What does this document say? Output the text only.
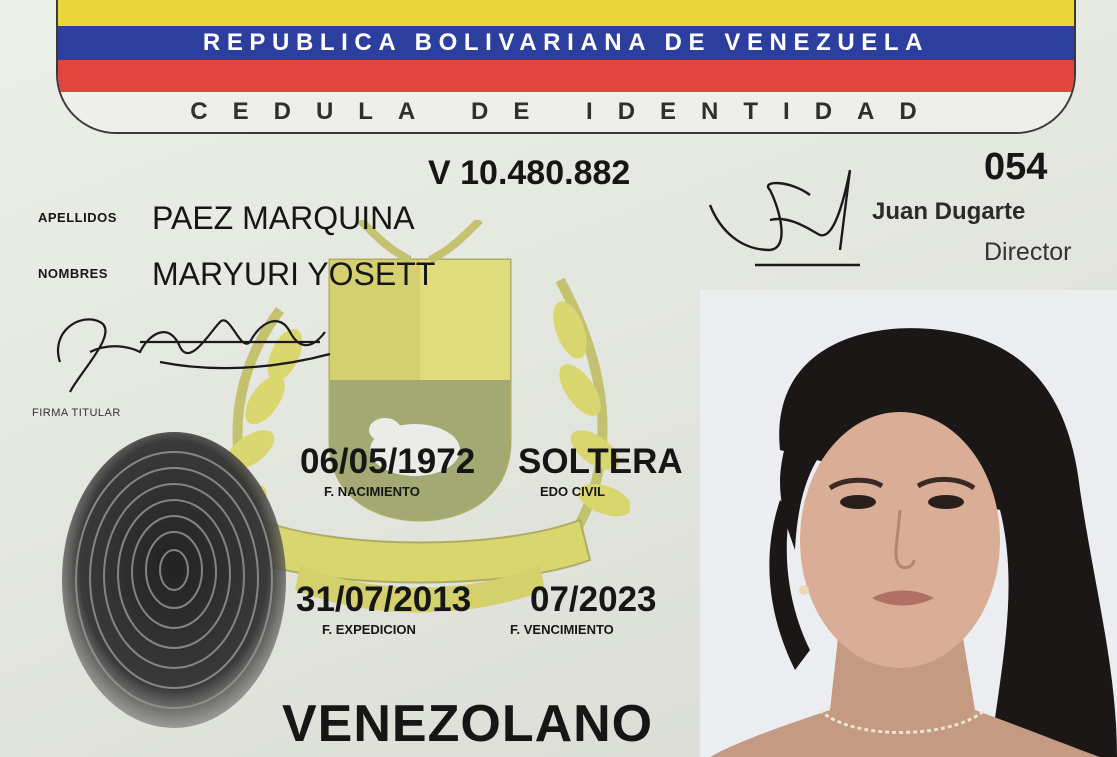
REPUBLICA BOLIVARIANA DE VENEZUELA
CEDULA DE IDENTIDAD
V 10.480.882	054
APELLIDOS PAEZ MARQUINA
NOMBRES MARYURI YOSETT
FIRMA TITULAR
Juan Dugarte
Director
06/05/1972
F. NACIMIENTO
SOLTERA
EDO CIVIL
31/07/2013
F. EXPEDICION
07/2023
F. VENCIMIENTO
VENEZOLANO
